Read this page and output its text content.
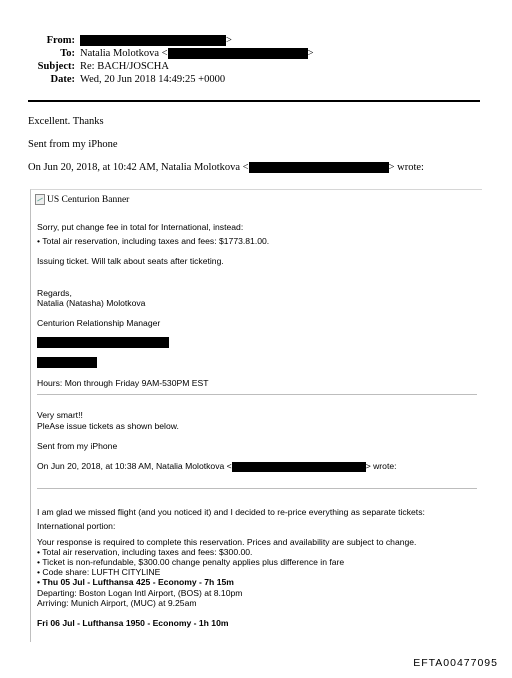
From:	>
To: Natalia Molotkova <	>
Subject: Re: BACH/JOSCHA
Date: Wed, 20 Jun 2018 14:49:25 +0000
Excellent. Thanks
Sent from my iPhone
On Jun 20, 2018, at 10:42 AM, Natalia Molotkova <	> wrote:
US Centurion Banner
Sorry, put change fee in total for International, instead:
• Total air reservation, including taxes and fees: $1773.81.00.
Issuing ticket. Will talk about seats after ticketing.
Regards,
Natalia (Natasha) Molotkova
Centurion Relationship Manager
Hours: Mon through Friday 9AM-530PM EST
Very smart!!
PleAse issue tickets as shown below.
Sent from my iPhone
On Jun 20, 2018, at 10:38 AM, Natalia Molotkova <	> wrote:
I am glad we missed flight (and you noticed it) and I decided to re-price everything as separate tickets:
International portion:
Your response is required to complete this reservation. Prices and availability are subject to change.
• Total air reservation, including taxes and fees: $300.00.
• Ticket is non-refundable, $300.00 change penalty applies plus difference in fare
• Code share: LUFTH CITYLINE
• Thu 05 Jul - Lufthansa 425 - Economy - 7h 15m
Departing: Boston Logan Intl Airport, (BOS) at 8.10pm
Arriving: Munich Airport, (MUC) at 9.25am
Fri 06 Jul - Lufthansa 1950 - Economy - 1h 10m
EFTA00477095
